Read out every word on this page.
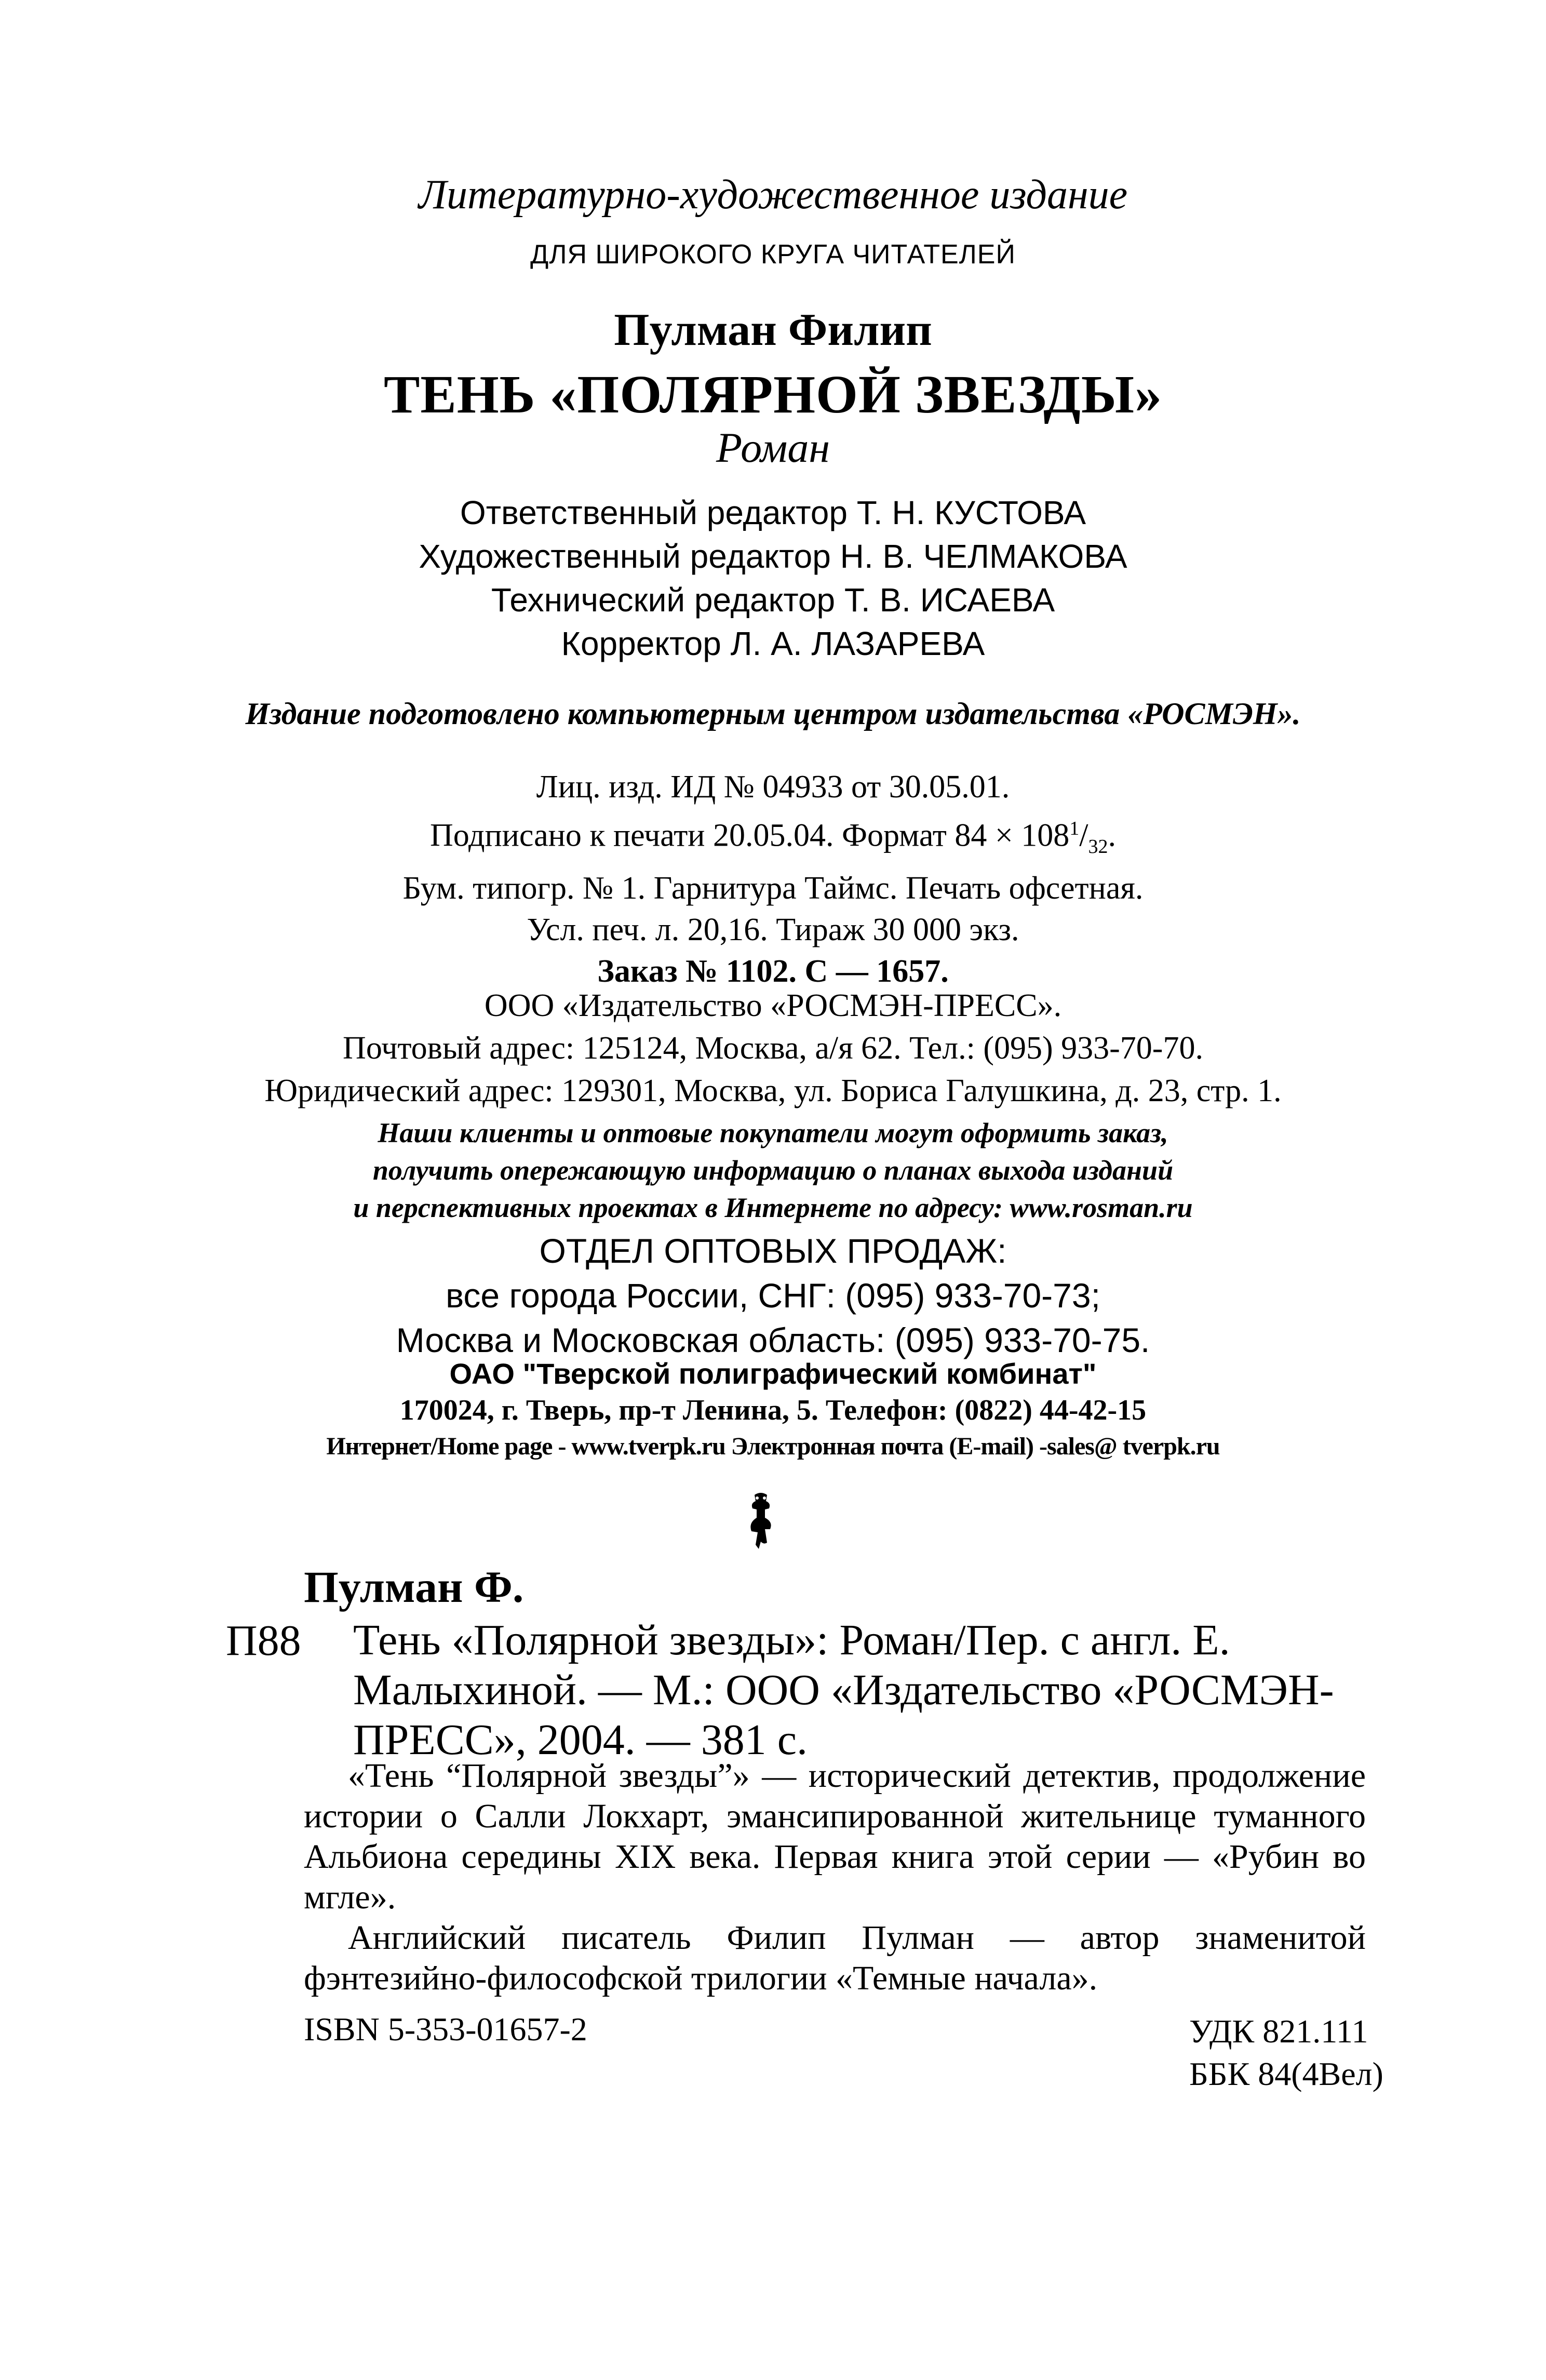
Литературно-художественное издание
ДЛЯ ШИРОКОГО КРУГА ЧИТАТЕЛЕЙ
Пулман Филип
ТЕНЬ «ПОЛЯРНОЙ ЗВЕЗДЫ»
Роман
Ответственный редактор Т. Н. КУСТОВА
Художественный редактор Н. В. ЧЕЛМАКОВА
Технический редактор Т. В. ИСАЕВА
Корректор Л. А. ЛАЗАРЕВА
Издание подготовлено компьютерным центром издательства «РОСМЭН».
Лиц. изд. ИД № 04933 от 30.05.01.
Подписано к печати 20.05.04. Формат $84 \times 108^1/_{32}$.
Бум. типогр. № 1. Гарнитура Таймс. Печать офсетная.
Усл. печ. л. 20,16. Тираж 30 000 экз.
Заказ № 1102. С — 1657.
ООО «Издательство «РОСМЭН-ПРЕСС».
Почтовый адрес: 125124, Москва, а/я 62. Тел.: (095) 933-70-70.
Юридический адрес: 129301, Москва, ул. Бориса Галушкина, д. 23, стр. 1.
Наши клиенты и оптовые покупатели могут оформить заказ,
получить опережающую информацию о планах выхода изданий
и перспективных проектах в Интернете по адресу: www.rosman.ru
ОТДЕЛ ОПТОВЫХ ПРОДАЖ:
все города России, СНГ: (095) 933-70-73;
Москва и Московская область: (095) 933-70-75.
ОАО "Тверской полиграфический комбинат"
170024, г. Тверь, пр-т Ленина, 5. Телефон: (0822) 44-42-15
Интернет/Home page - www.tverpk.ru Электронная почта (E-mail) -sales@ tverpk.ru
Пулман Ф.
П88 Тень «Полярной звезды»: Роман/Пер. с англ. Е. Малыхиной. — М.: ООО «Издательство «РОСМЭН-ПРЕСС», 2004. — 381 с.

«Тень “Полярной звезды”» — исторический детектив, продолжение истории о Салли Локхарт, эмансипированной жительнице туманного Альбиона середины XIX века. Первая книга этой серии — «Рубин во мгле».

Английский писатель Филип Пулман — автор знаменитой фэнтезийно-философской трилогии «Темные начала».

ISBN 5-353-01657-2	УДК 821.111
ББК 84(4Вел)
